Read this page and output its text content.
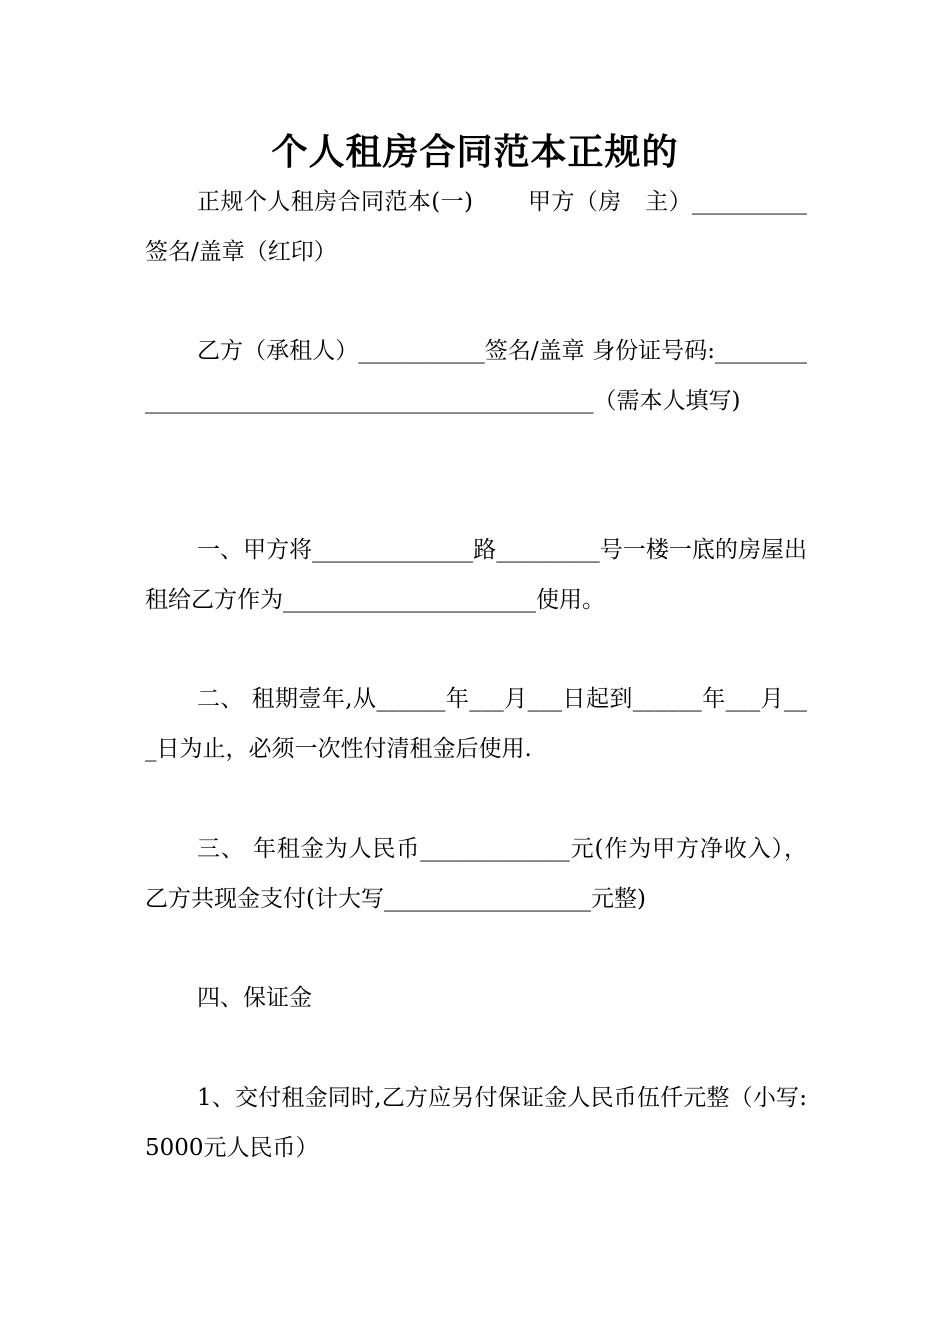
个人租房合同范本正规的
正规个人租房合同范本(一)　　 甲方（房　主）__________签名/盖章（红印）
乙方（承租人）___________签名/盖章 身份证号码:_______________________________________________（需本人填写)
一、甲方将______________路_________号一楼一底的房屋出租给乙方作为______________________使用。
二、 租期壹年,从______年___月___日起到______年___月___日为止，必须一次性付清租金后使用.
三、 年租金为人民币_____________元(作为甲方净收入），乙方共现金支付(计大写__________________元整)
四、保证金
1、交付租金同时,乙方应另付保证金人民币伍仟元整（小写:5000元人民币）
